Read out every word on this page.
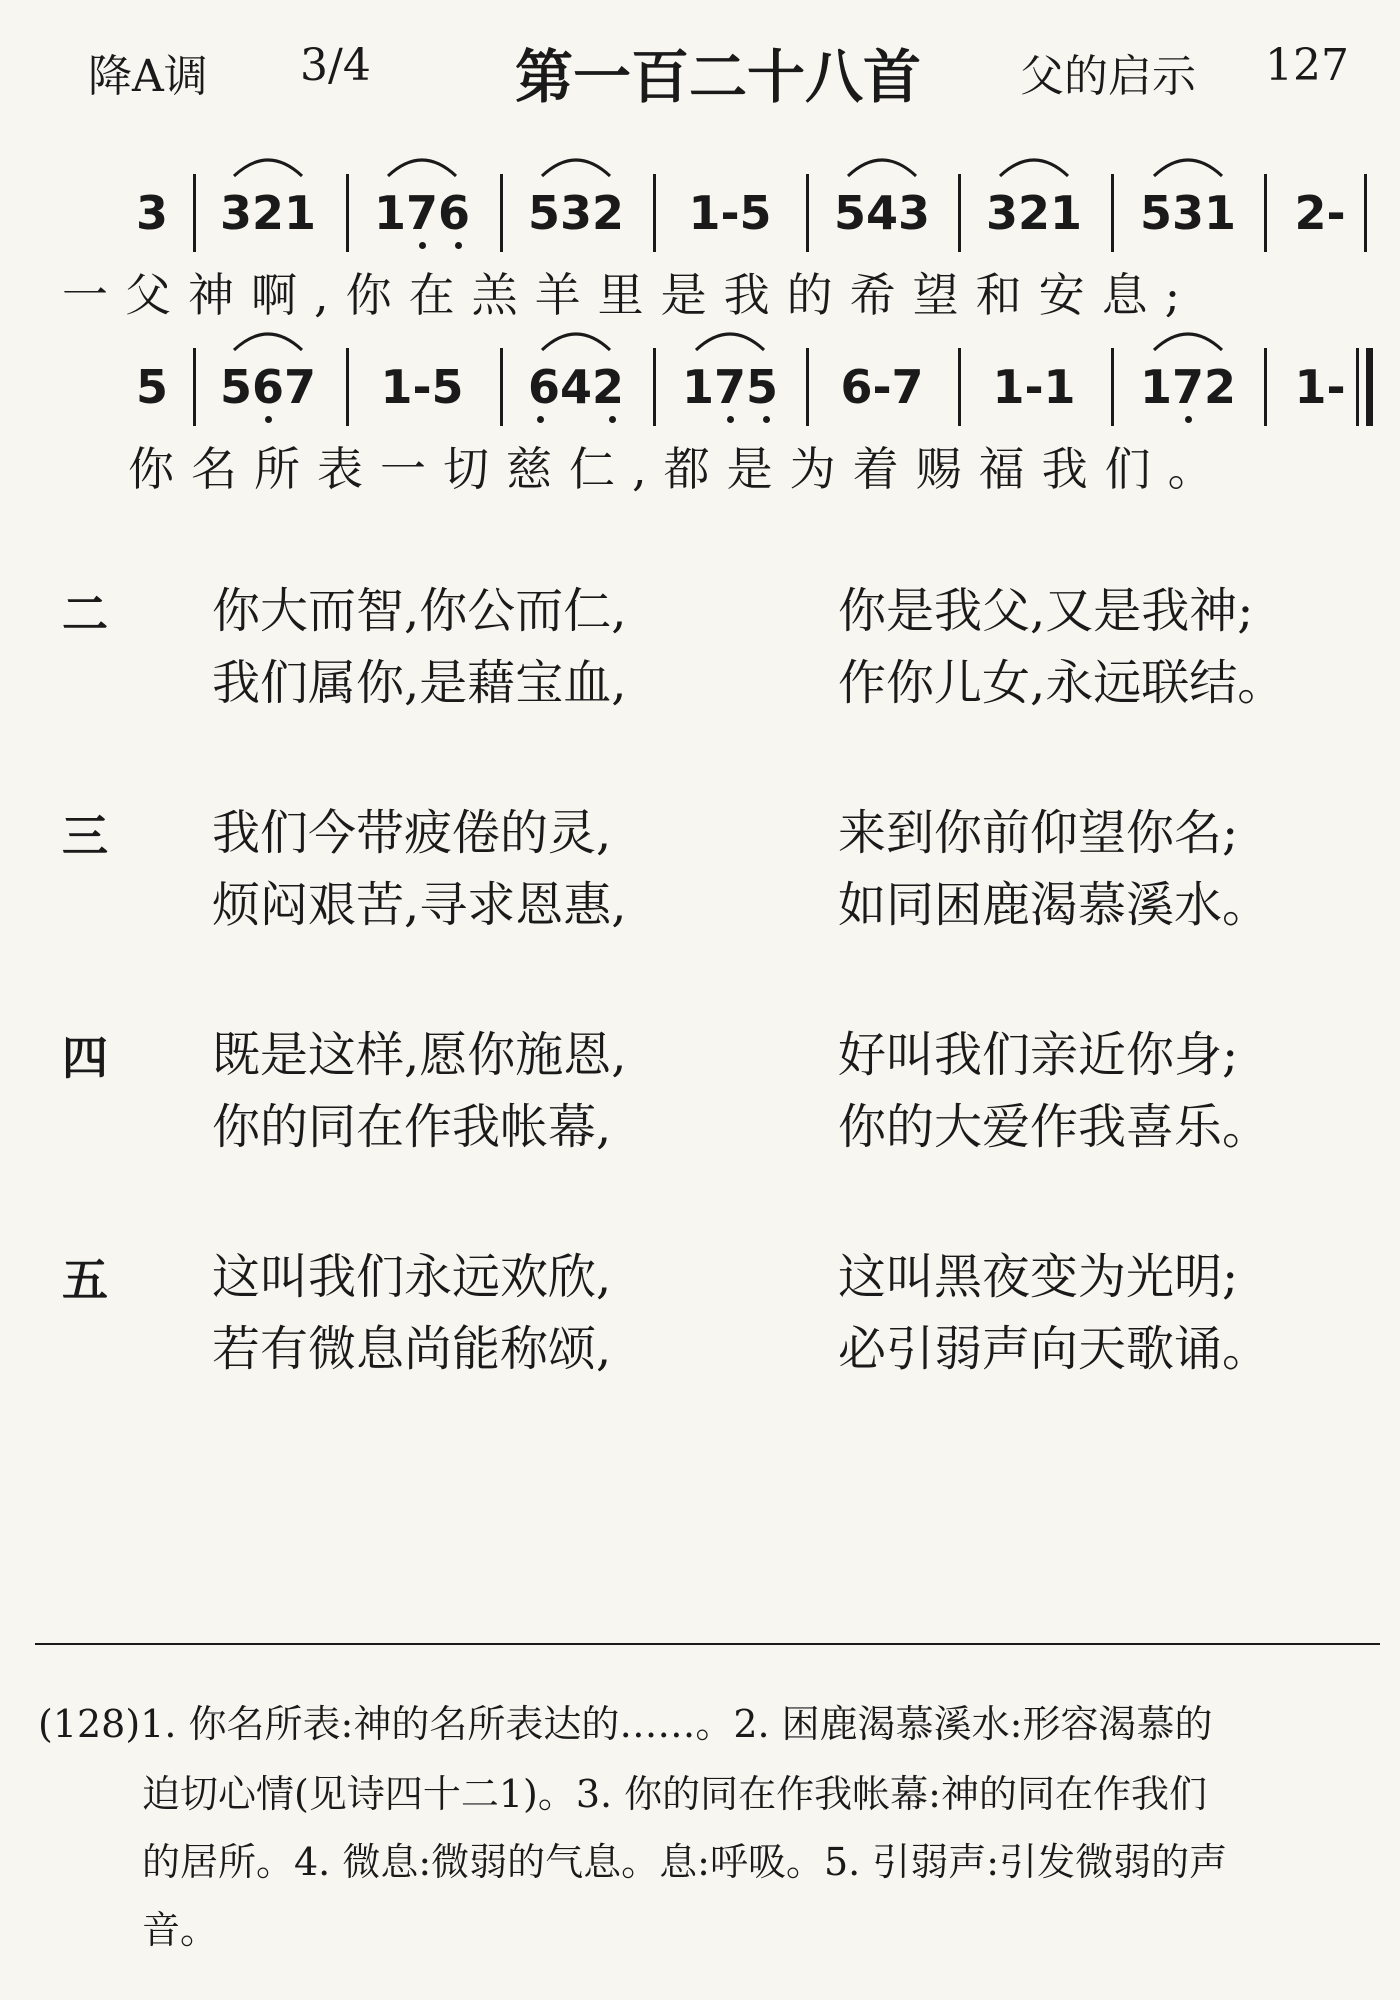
降A调 3/4 第一百二十八首 父的启示 127
3 321 176 532 1-5 543 321 531 2-
一父神啊,你在羔羊里是我的希望和安息;
5 567 1-5 642 175 6-7 1-1 172 1-
你名所表一切慈仁,都是为着赐福我们。
二 你大而智,你公而仁,	你是我父,又是我神;
我们属你,是藉宝血,	作你儿女,永远联结。
三 我们今带疲倦的灵,	来到你前仰望你名;
烦闷艰苦,寻求恩惠,	如同困鹿渴慕溪水。
四 既是这样,愿你施恩,	好叫我们亲近你身;
你的同在作我帐幕,	你的大爱作我喜乐。
五 这叫我们永远欢欣,	这叫黑夜变为光明;
若有微息尚能称颂,	必引弱声向天歌诵。
(128)1. 你名所表:神的名所表达的……。2. 困鹿渴慕溪水:形容渴慕的
迫切心情(见诗四十二1)。3. 你的同在作我帐幕:神的同在作我们
的居所。4. 微息:微弱的气息。息:呼吸。5. 引弱声:引发微弱的声
音。
